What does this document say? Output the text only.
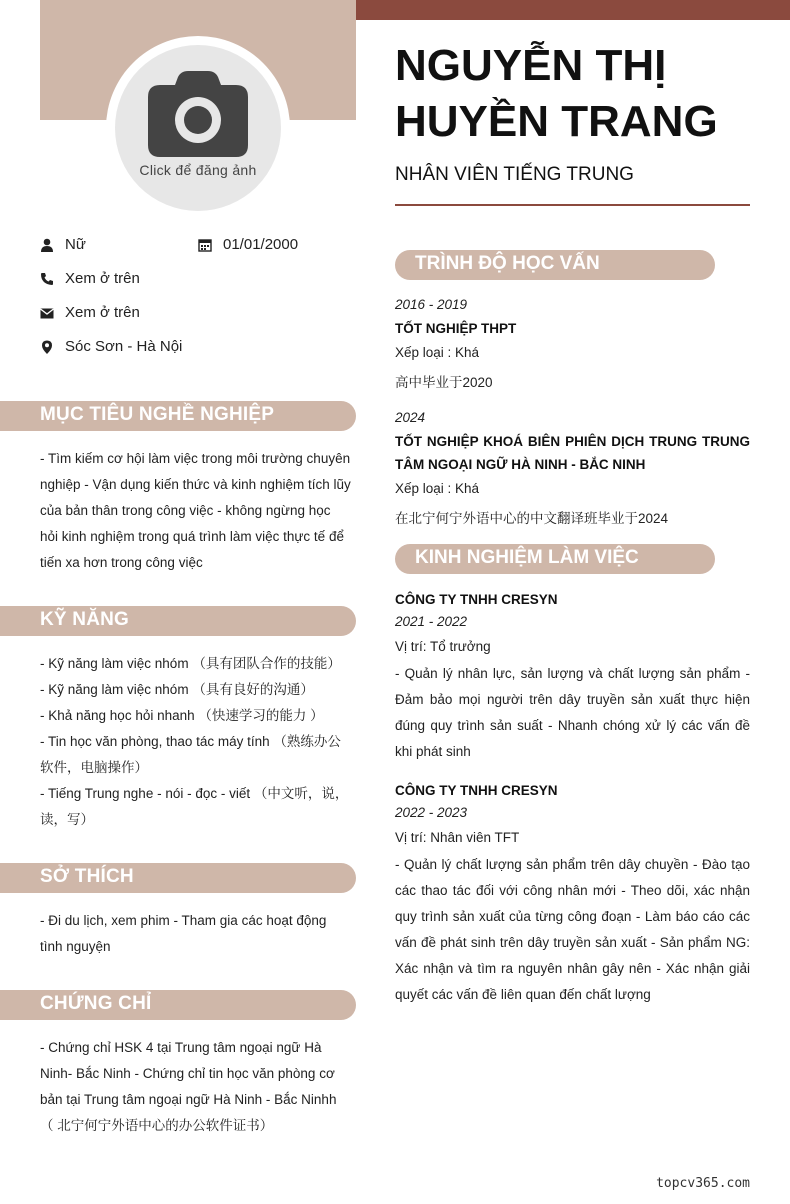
Click để đăng ảnh
Nữ	01/01/2000
Xem ở trên
Xem ở trên
Sóc Sơn - Hà Nội
MỤC TIÊU NGHỀ NGHIỆP
- Tìm kiếm cơ hội làm việc trong môi trường chuyên nghiệp - Vận dụng kiến thức và kinh nghiệm tích lũy của bản thân trong công việc - không ngừng học hỏi kinh nghiệm trong quá trình làm việc thực tế để tiến xa hơn trong công việc
KỸ NĂNG
- Kỹ năng làm việc nhóm （具有团队合作的技能）
- Kỹ năng làm việc nhóm （具有良好的沟通）
- Khả năng học hỏi nhanh （快速学习的能力 ）
- Tin học văn phòng, thao tác máy tính （熟练办公软件，电脑操作）
- Tiếng Trung nghe - nói - đọc - viết （中文听，说，读，写）
SỞ THÍCH
- Đi du lịch, xem phim - Tham gia các hoạt động tình nguyện
CHỨNG CHỈ
- Chứng chỉ HSK 4 tại Trung tâm ngoại ngữ Hà Ninh- Bắc Ninh - Chứng chỉ tin học văn phòng cơ bản tại Trung tâm ngoại ngữ Hà Ninh - Bắc Ninhh （ 北宁何宁外语中心的办公软件证书）
NGUYỄN THỊ
HUYỀN TRANG
NHÂN VIÊN TIẾNG TRUNG
TRÌNH ĐỘ HỌC VẤN
2016 - 2019
TỐT NGHIỆP THPT
Xếp loại : Khá
高中毕业于2020
2024
TỐT NGHIỆP KHOÁ BIÊN PHIÊN DỊCH TRUNG TRUNG TÂM NGOẠI NGỮ HÀ NINH - BẮC NINH
Xếp loại : Khá
在北宁何宁外语中心的中文翻译班毕业于2024
KINH NGHIỆM LÀM VIỆC
CÔNG TY TNHH CRESYN
2021 - 2022
Vị trí: Tổ trưởng
- Quản lý nhân lực, sản lượng và chất lượng sản phẩm - Đảm bảo mọi người trên dây truyền sản xuất thực hiện đúng quy trình sản suất - Nhanh chóng xử lý các vấn đề khi phát sinh
CÔNG TY TNHH CRESYN
2022 - 2023
Vị trí: Nhân viên TFT
- Quản lý chất lượng sản phẩm trên dây chuyền - Đào tạo các thao tác đối với công nhân mới - Theo dõi, xác nhận quy trình sản xuất của từng công đoạn - Làm báo cáo các vấn đề phát sinh trên dây truyền sản xuất - Sản phẩm NG: Xác nhận và tìm ra nguyên nhân gây nên - Xác nhận giải quyết các vấn đề liên quan đến chất lượng
topcv365.com
